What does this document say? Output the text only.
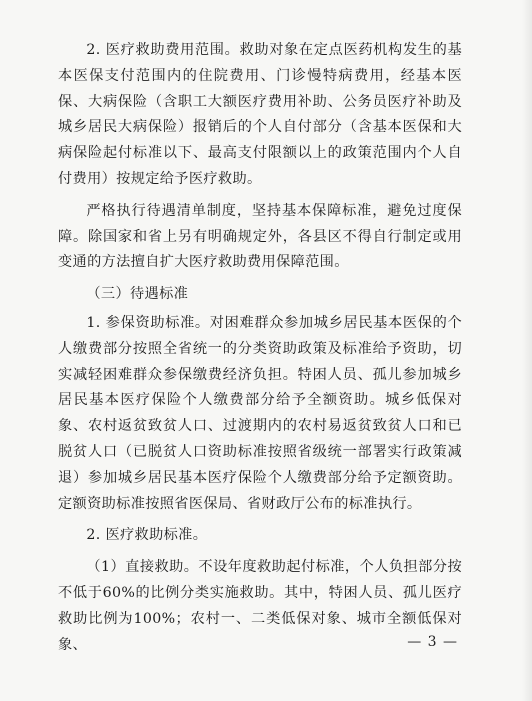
2. 医疗救助费用范围。救助对象在定点医药机构发生的基本医保支付范围内的住院费用、门诊慢特病费用，经基本医保、大病保险（含职工大额医疗费用补助、公务员医疗补助及城乡居民大病保险）报销后的个人自付部分（含基本医保和大病保险起付标准以下、最高支付限额以上的政策范围内个人自付费用）按规定给予医疗救助。

严格执行待遇清单制度，坚持基本保障标准，避免过度保障。除国家和省上另有明确规定外，各县区不得自行制定或用变通的方法擅自扩大医疗救助费用保障范围。

（三）待遇标准

1. 参保资助标准。对困难群众参加城乡居民基本医保的个人缴费部分按照全省统一的分类资助政策及标准给予资助，切实减轻困难群众参保缴费经济负担。特困人员、孤儿参加城乡居民基本医疗保险个人缴费部分给予全额资助。城乡低保对象、农村返贫致贫人口、过渡期内的农村易返贫致贫人口和已脱贫人口（已脱贫人口资助标准按照省级统一部署实行政策减退）参加城乡居民基本医疗保险个人缴费部分给予定额资助。定额资助标准按照省医保局、省财政厅公布的标准执行。

2. 医疗救助标准。

（1）直接救助。不设年度救助起付标准，个人负担部分按不低于60%的比例分类实施救助。其中，特困人员、孤儿医疗救助比例为100%；农村一、二类低保对象、城市全额低保对象、	— 3 —
